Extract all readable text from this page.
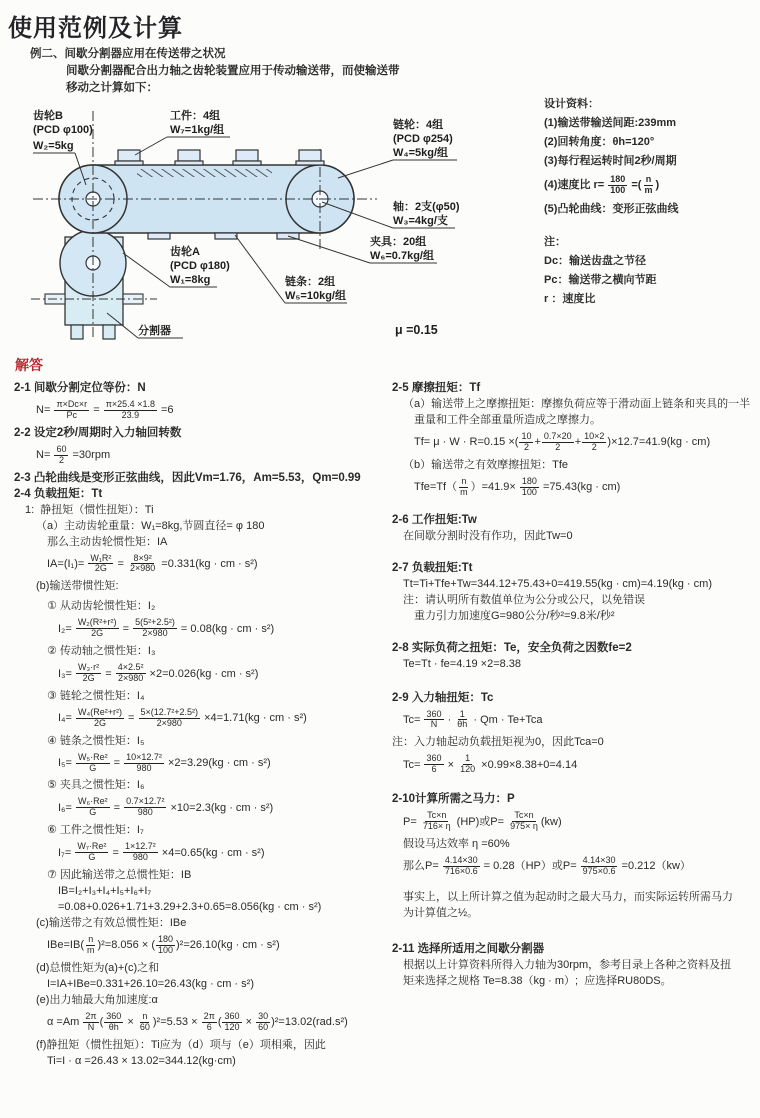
使用范例及计算
例二、间歇分割器应用在传送带之状况
间歇分割器配合出力轴之齿轮装置应用于传动输送带，而使输送带
移动之计算如下：
齿轮B
(PCD φ100)
W₂=5kg
工件：4组
W₇=1kg/组	链轮：4组
(PCD φ254)
W₄=5kg/组
轴：2支(φ50)
W₃=4kg/支
齿轮A
(PCD φ180)
W₁=8kg
夹具：20组
W₆=0.7kg/组
链条：2组
W₅=10kg/组
分割器	μ =0.15
设计资料：
(1)输送带输送间距:239mm
(2)回转角度：θh=120°
(3)每行程运转时间2秒/周期
(4)速度比 $r= \frac{180}{100}$ =( $\frac{n}{m}$ )
(5)凸轮曲线：变形正弦曲线
注：
Dc：输送齿盘之节径
Pc：输送带之横向节距
r ：速度比
解答
2-1 间歇分割定位等份：N
$N= \frac{\pi\times Dc\times r}{Pc} = \frac{\pi\times 25.4 \times 1.8}{23.9} =6$
2-2 设定2秒/周期时入力轴回转数
$N= \frac{60}{2} =30rpm$
2-3 凸轮曲线是变形正弦曲线，因此Vm=1.76，Am=5.53，Qm=0.99
2-4 负载扭矩：Tt
1:  静扭矩（惯性扭矩）：Ti
（a）主动齿轮重量：W₁=8kg,节圆直径= φ 180
那么主动齿轮惯性矩：IA
$IA=(I_1)= \frac{\text{W₁R²}}{2G} = \frac{\text{8×9²}}{2\times 980} =0.331(kg$ · cm · s²)
(b)输送带惯性矩:
① 从动齿轮惯性矩：I₂
$I_2= \frac{\text{W₂(R²+r²)}}{2G} = \frac{\text{5(5²+2.5²)}}{2\times 980} = 0.08(kg$ · cm · s²)
② 传动轴之惯性矩：I₃
$I_3= \frac{\text{W₃·r²}}{2G} = \frac{\text{4×2.5²}}{2\times 980} \times 2=0.026(kg$ · cm · s²)
③ 链轮之惯性矩：I₄
$I_4= \frac{\text{W₄(Re²+r²)}}{2G} = \frac{\text{5×(12.7²+2.5²)}}{2\times 980} \times 4=1.71(kg$ · cm · s²)
④ 链条之惯性矩：I₅
$I_5= \frac{\text{W₅·Re²}}{G} = \frac{\text{10×12.7²}}{980} \times 2=3.29(kg$ · cm · s²)
⑤ 夹具之惯性矩：I₆
$I_6= \frac{\text{W₆·Re²}}{G} = \frac{\text{0.7×12.7²}}{980} \times 10=2.3(kg$ · cm · s²)
⑥ 工件之惯性矩：I₇
$I_7= \frac{\text{W₇·Re²}}{G} = \frac{\text{1×12.7²}}{980} \times 4=0.65(kg$ · cm · s²)
⑦ 因此输送带之总惯性矩：IB
IB=I₂+I₃+I₄+I₅+I₆+I₇
=0.08+0.026+1.71+3.29+2.3+0.65=8.056(kg · cm · s²)
(c)输送带之有效总惯性矩：IBe
$IBe=IB( \frac{n}{m} )^2=8.056$ × ( $\frac{180}{100} )^2=26.10(kg$ · cm · s²)
(d)总惯性矩为(a)+(c)之和
I=IA+IBe=0.331+26.10=26.43(kg · cm · s²)
(e)出力轴最大角加速度:α
$\alpha =Am \frac{2\pi}{N}$ ( $\frac{360}{\theta h} \times \frac{n}{60} )^2=5.53 \times \frac{2\pi}{6}$ ( $\frac{360}{120} \times \frac{30}{60} )^2=13.02(rad.s^2)$
(f)静扭矩（惯性扭矩）：Ti应为（d）项与（e）项相乘，因此
Ti=I · α =26.43 × 13.02=344.12(kg·cm)
2-5 摩擦扭矩：Tf
（a）输送带上之摩擦扭矩：摩擦负荷应等于滑动面上链条和夹具的一半
重量和工件全部重量所造成之摩擦力。
Tf= μ · W · R=0.15 ×( $\frac{10}{2} + \frac{0.7\times 20}{2} + \frac{10\times 2}{2} )\times 12.7=41.9(kg \cdot cm)$
（b）输送带之有效摩擦扭矩：Tfe
$Tfe=Tf( \frac{n}{m} )=41.9\times \frac{180}{100} =75.43(kg \cdot cm)$
2-6 工作扭矩:Tw
在间歇分割时没有作功，因此Tw=0
2-7 负载扭矩:Tt
Tt=Ti+Tfe+Tw=344.12+75.43+0=419.55(kg · cm)=4.19(kg · cm)
注：请认明所有数值单位为公分或公尺，以免错误
重力引力加速度G=980公分/秒²=9.8米/秒²
2-8 实际负荷之扭矩：Te，安全负荷之因数fe=2
Te=Tt · fe=4.19 ×2=8.38
2-9 入力轴扭矩：Tc
$Tc= \frac{360}{N} \cdot \frac{1}{\theta h} \cdot Qm \cdot Te+Tca$
注：入力轴起动负载扭矩视为0，因此Tca=0
$Tc= \frac{360}{6} \times \frac{1}{120} \times 0.99\times 8.38+0=4.14$
2-10计算所需之马力：P
$P= \frac{Tc\times n}{716\times \eta} (HP)$或$P= \frac{Tc\times n}{975\times \eta} (kw)$
假设马达效率 η =60%
那么$P= \frac{4.14\times 30}{716\times 0.6} = 0.28(HP)$或$P= \frac{4.14\times 30}{975\times 0.6} =0.212(kw)$
事实上，以上所计算之值为起动时之最大马力，而实际运转所需马力
为计算值之½。
2-11 选择所适用之间歇分割器
根据以上计算资料所得入力轴为30rpm，参考目录上各种之资料及扭
矩来选择之规格 Te=8.38（kg · m）;  应选择RU80DS。
